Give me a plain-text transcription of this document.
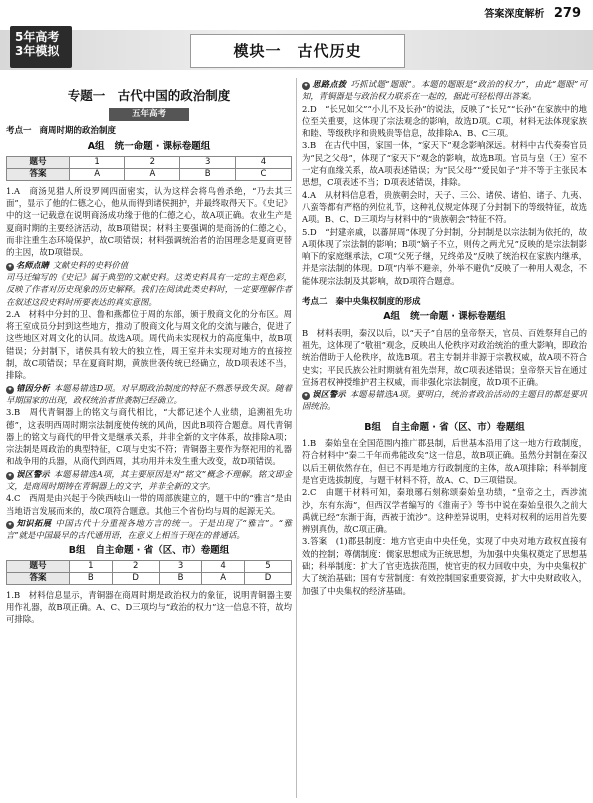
答案深度解析 279
5年高考
3年模拟	模块一　古代历史
专题一　古代中国的政治制度
五年高考
考点一 商周时期的政治制度
A组 统一命题 · 课标卷题组
题号	1	2	3	4
答案	A	A	B	C

1.A　商汤见猎人所设罗网四面密实，认为这样会将鸟兽杀绝，“乃去其三面”，显示了他的仁德之心，他从而得到诸侯拥护，并最终取得天下。《史记》中的这一记载意在说明商汤成功缘于他的仁德之心，故A项正确。农业生产是夏商时期的主要经济活动，故B项错误；材料主要强调的是商汤的仁德之心，而非注重生态环境保护，故C项错误；材料强调统治者的治国理念是夏商更替的主因，故D项错误。

✦ 名师点睛 文献史料的史料价值
司马迁编写的《史记》属于典型的文献史料。这类史料具有一定的主观色彩，反映了作者对历史现象的历史解释。我们在阅读此类史料时，一定要理解作者在叙述这段史料时所要表达的真实意图。

2.A　材料中分封的卫、鲁和燕都位于周的东部，颁于殷商文化的分布区。周将王室成员分封到这些地方，推动了殷商文化与周文化的交流与融合，促进了这些地区对周文化的认同。故选A项。周代尚未实现权力的高度集中，故B项错误；分封制下，诸侯具有较大的独立性，周王室并未实现对地方的直接控制，故C项错误；早在夏商时期，黄族世袭传统已经确立，故D项表述不当，排除。

✦ 错因分析 本题易错选D项。对早期政治制度的特征不熟悉导致失误。随着早期国家的出现，政权统治者世袭制已经确立。

3.B　周代青铜器上的铭文与商代相比，“大都记述个人业绩，追溯祖先功德”，这表明西周时期宗法制度使传统的风尚，因此B项符合题意。周代青铜器上的铭文与商代的甲骨文是继承关系，并非全新的文字体系，故排除A项；宗法制是周政治的典型特征，C项与史实不符；青铜器主要作为祭祀用的礼器和战争用的兵器，从商代到西周，其功用并未发生重大改变，故D项错误。

✦ 误区警示 本题易错选A项，其主要原因是对“铭文”概念不理解。铭文即金文，是商周时期铸在青铜器上的文字，并非全新的文字。

4.C　西周是由兴起于今陕西岐山一带的周部族建立的，题干中的“雅言”是由当地语言发展而来的，故C项符合题意。其他三个省份均与周的起源无关。

✦ 知识拓展 中国古代十分重视各地方言的统一。于是出现了“雅言”。“雅言”就是中国最早的古代通用语，在意义上相当于现在的普通话。

B组 自主命题 · 省（区、市）卷题组
题号	1	2	3	4	5
答案	B	D	B	A	D

1.B　材料信息显示，青铜器在商周时期是政治权力的象征，说明青铜器主要用作礼器，故B项正确。A、C、D三项均与“政治的权力”这一信息不符，故均可排除。

✦ 思路点拨 巧抓试题“题眼”。本题的题眼是“政治的权力”，由此“题眼”可知，青铜器是与政治权力联系在一起的，据此可轻松得出答案。

2.D　“长兄如父”“小儿不及长孙”的说法，反映了“长兄”“长孙”在家族中的地位至关重要，这体现了宗法观念的影响，故选D项。C项，材料无法体现家族和睦、等级秩序和贵贱贵等信息，故排除A、B、C三项。

3.B　在古代中国，家国一体，“家天下”观念影响深远。材料中古代奏奏官员为“民之父母”，体现了“家天下”观念的影响，故选B项。官员与皇（王）室不一定有血缘关系，故A项表述错误；为“民父母”“爱民如子”并不等于主张民本思想，C项表述不当；D项表述错误，排除。

4.A　从材料信息看，贵族朝会时，天子、三公、诸侯、诸伯、诸子、九夷、八蛮等都有严格的列位礼节，这种礼仪规定体现了分封制下的等级特征，故选A项。B、C、D三项均与材料中的“贵族朝会”特征不符。

5.D　“封建亲戚，以蕃屏周”体现了分封制，分封制是以宗法制为依托的，故A项体现了宗法制的影响；B项“嫡子不立，则传之两尤兄”反映的是宗法制影响下的家庭继承法，C项“父死子继，兄终弟及”反映了统治权在家族内继承，并是宗法制的体现。D项“内举不避亲，外举不避仇”反映了一种用人观念，不能体现宗法制及其影响，故D项符合题意。

考点二 秦中央集权制度的形成
A组 统一命题 · 课标卷题组

B　材料表明，秦汉以后，以“天子”自居的皇帝祭天，官员、百姓祭拜自己的祖先，这体现了“敬祖”观念，反映出人伦秩序对政治统治的重大影响，即政治统治借助于人伦秩序，故选B项。君主专制并非源于宗教权威，故A项不符合史实；平民氏族公社时期就有祖先崇拜，故C项表述错误；皇帝祭天旨在通过宣扬君权神授维护君主权威，而非强化宗法制度，故D项不正确。

✦ 误区警示 本题易错选A项。要明白，统治者政治活动的主题目的都是要巩固统治。

B组 自主命题 · 省（区、市）卷题组

1.B　秦始皇在全国范围内推广郡县制，后世基本沿用了这一地方行政制度，符合材料中“秦二千年而弗能改矣”这一信息，故B项正确。虽然分封制在秦汉以后王朝依然存在，但已不再是地方行政制度的主体，故A项排除；科举制度是官吏选拔制度，与题干材料不符，故A、C、D三项错误。

2.C　由题干材料可知，秦琅琊石刻称颂秦始皇功绩，“皇帝之土，西涉流沙，东有东海”，但西汉学者编写的《淮南子》等书中说在秦始皇很久之前大禹就已经“东渐于海，西被于流沙”。这种差异说明，史料对权利的运用首先要辨别真伪，故C项正确。

3.答案　(1)郡县制度：地方官吏由中央任免，实现了中央对地方政权直接有效的控制；尊儒制度：儒家思想成为正统思想，为加强中央集权奠定了思想基础；科举制度：扩大了官吏选拔范围，使官吏的权力回收中央，为中央集权扩大了统治基础；国有专营制度：有效控制国家重要资源，扩大中央财政收入，加强了中央集权的经济基础。
